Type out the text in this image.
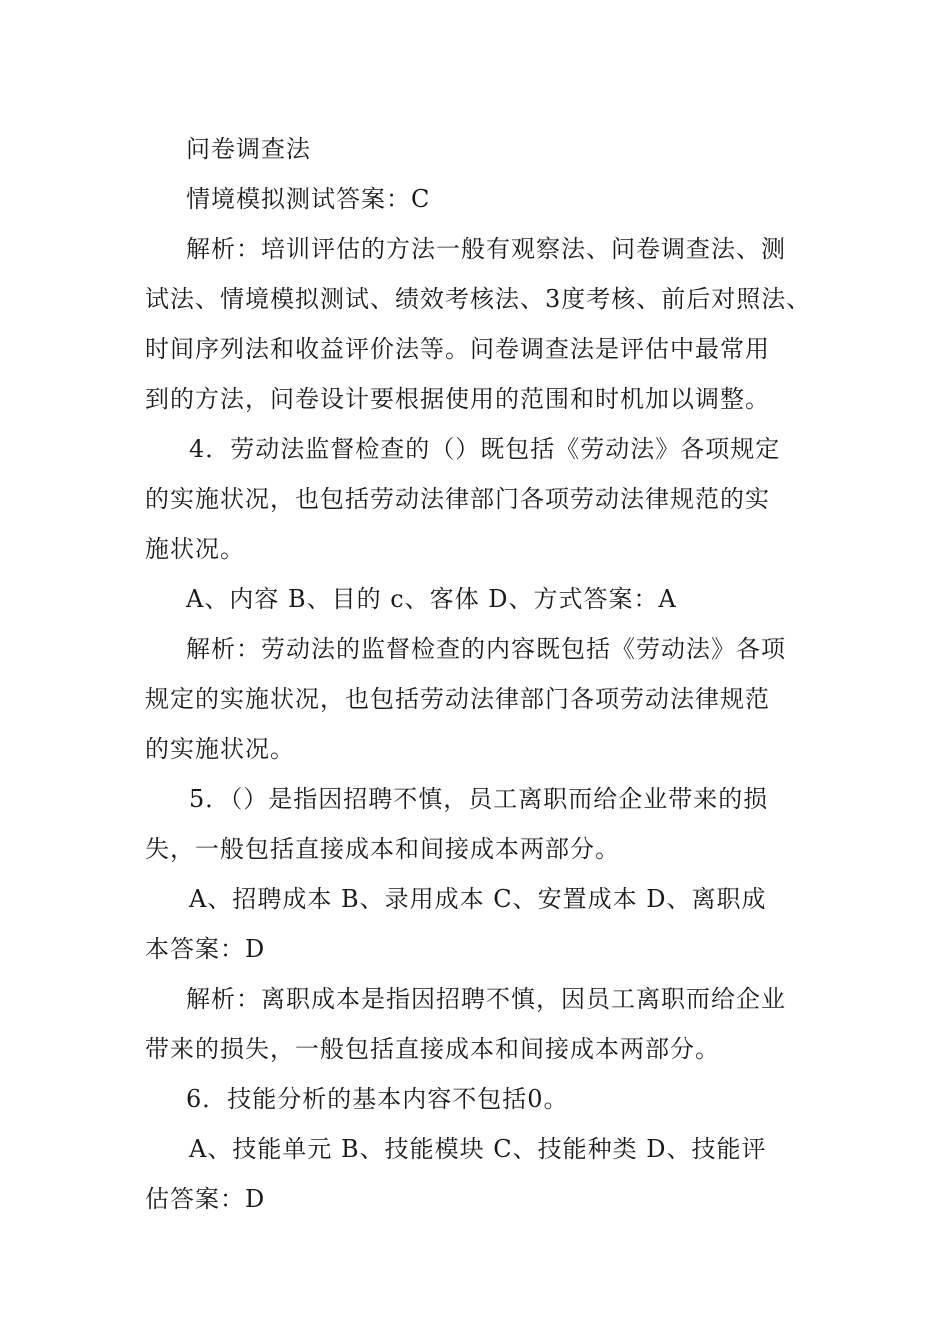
问卷调查法
情境模拟测试答案：C
解析：培训评估的方法一般有观察法、问卷调查法、测
试法、情境模拟测试、绩效考核法、3度考核、前后对照法、
时间序列法和收益评价法等。问卷调查法是评估中最常用
到的方法，问卷设计要根据使用的范围和时机加以调整。
4．劳动法监督检查的（）既包括《劳动法》各项规定
的实施状况，也包括劳动法律部门各项劳动法律规范的实
施状况。
A、内容 B、目的 c、客体 D、方式答案：A
解析：劳动法的监督检查的内容既包括《劳动法》各项
规定的实施状况，也包括劳动法律部门各项劳动法律规范
的实施状况。
5．（）是指因招聘不慎，员工离职而给企业带来的损
失，一般包括直接成本和间接成本两部分。
A、招聘成本 B、录用成本 C、安置成本 D、离职成
本答案：D
解析：离职成本是指因招聘不慎，因员工离职而给企业
带来的损失，一般包括直接成本和间接成本两部分。
6．技能分析的基本内容不包括0。
A、技能单元 B、技能模块 C、技能种类 D、技能评
估答案：D
